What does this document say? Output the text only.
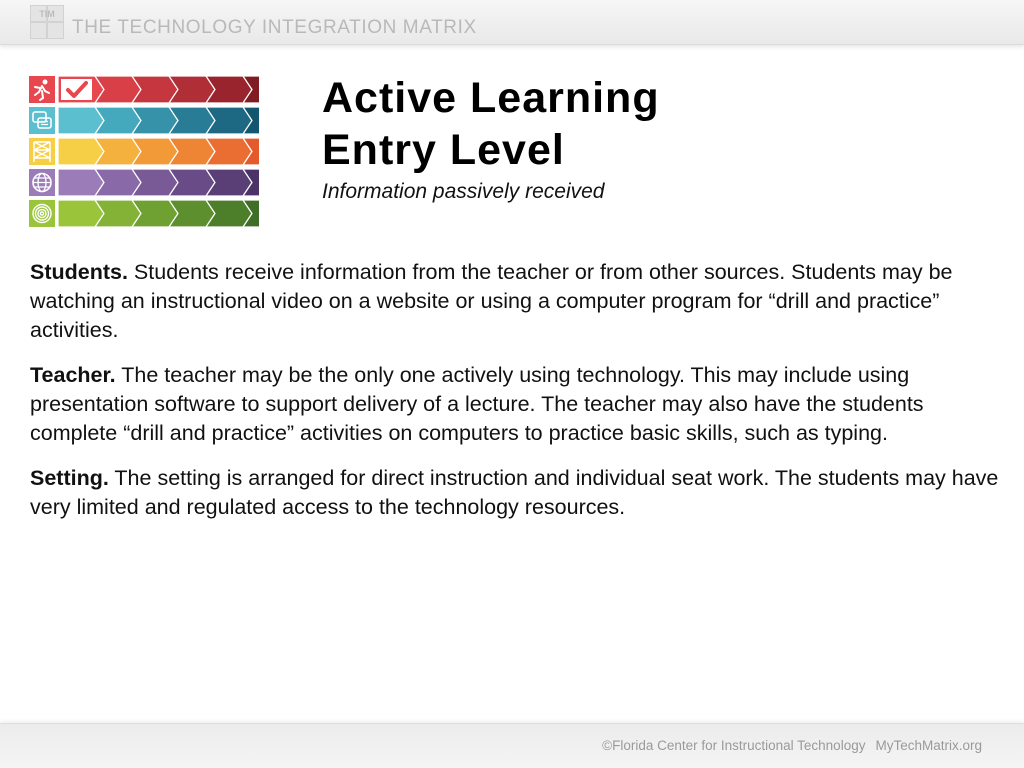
TIM
THE TECHNOLOGY INTEGRATION MATRIX
Active Learning
Entry Level
Information passively received

Students. Students receive information from the teacher or from other sources. Students may be watching an instructional video on a website or using a computer program for “drill and practice” activities.

Teacher. The teacher may be the only one actively using technology. This may include using presentation software to support delivery of a lecture. The teacher may also have the students complete “drill and practice” activities on computers to practice basic skills, such as typing.

Setting. The setting is arranged for direct instruction and individual seat work. The students may have very limited and regulated access to the technology resources.

©Florida Center for Instructional Technology MyTechMatrix.org
